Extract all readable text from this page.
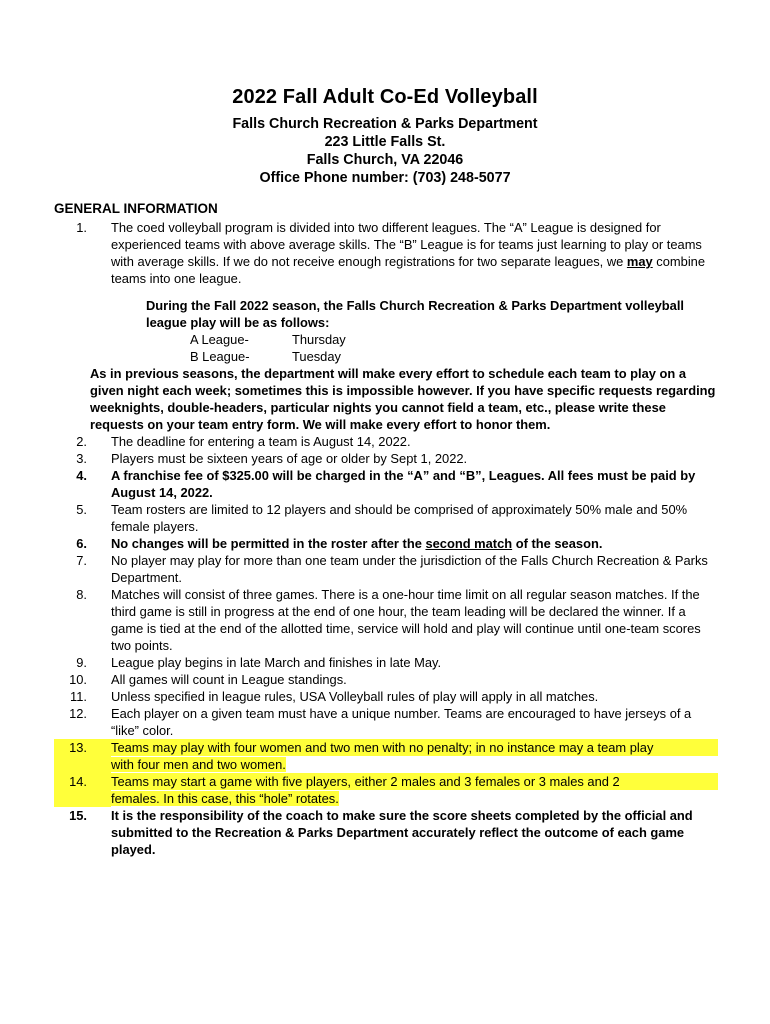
2022 Fall Adult Co-Ed Volleyball
Falls Church Recreation & Parks Department
223 Little Falls St.
Falls Church, VA 22046
Office Phone number: (703) 248-5077
GENERAL INFORMATION
1.	The coed volleyball program is divided into two different leagues. The “A” League is designed for experienced teams with above average skills. The “B” League is for teams just learning to play or teams with average skills. If we do not receive enough registrations for two separate leagues, we may combine teams into one league.
During the Fall 2022 season, the Falls Church Recreation & Parks Department volleyball league play will be as follows:
A League-	Thursday
B League-	Tuesday
As in previous seasons, the department will make every effort to schedule each team to play on a given night each week; sometimes this is impossible however. If you have specific requests regarding weeknights, double-headers, particular nights you cannot field a team, etc., please write these requests on your team entry form. We will make every effort to honor them.
2.	The deadline for entering a team is August 14, 2022.
3.	Players must be sixteen years of age or older by Sept 1, 2022.
4.	A franchise fee of $325.00 will be charged in the “A” and “B”, Leagues. All fees must be paid by August 14, 2022.
5.	Team rosters are limited to 12 players and should be comprised of approximately 50% male and 50% female players.
6.	No changes will be permitted in the roster after the second match of the season.
7.	No player may play for more than one team under the jurisdiction of the Falls Church Recreation & Parks Department.
8.	Matches will consist of three games. There is a one-hour time limit on all regular season matches. If the third game is still in progress at the end of one hour, the team leading will be declared the winner. If a game is tied at the end of the allotted time, service will hold and play will continue until one-team scores two points.
9.	League play begins in late March and finishes in late May.
10.	All games will count in League standings.
11.	Unless specified in league rules, USA Volleyball rules of play will apply in all matches.
12.	Each player on a given team must have a unique number. Teams are encouraged to have jerseys of a “like” color.
13.	Teams may play with four women and two men with no penalty; in no instance may a team play
with four men and two women.
14.	Teams may start a game with five players, either 2 males and 3 females or 3 males and 2
females. In this case, this “hole” rotates.
15.	It is the responsibility of the coach to make sure the score sheets completed by the official and submitted to the Recreation & Parks Department accurately reflect the outcome of each game played.
